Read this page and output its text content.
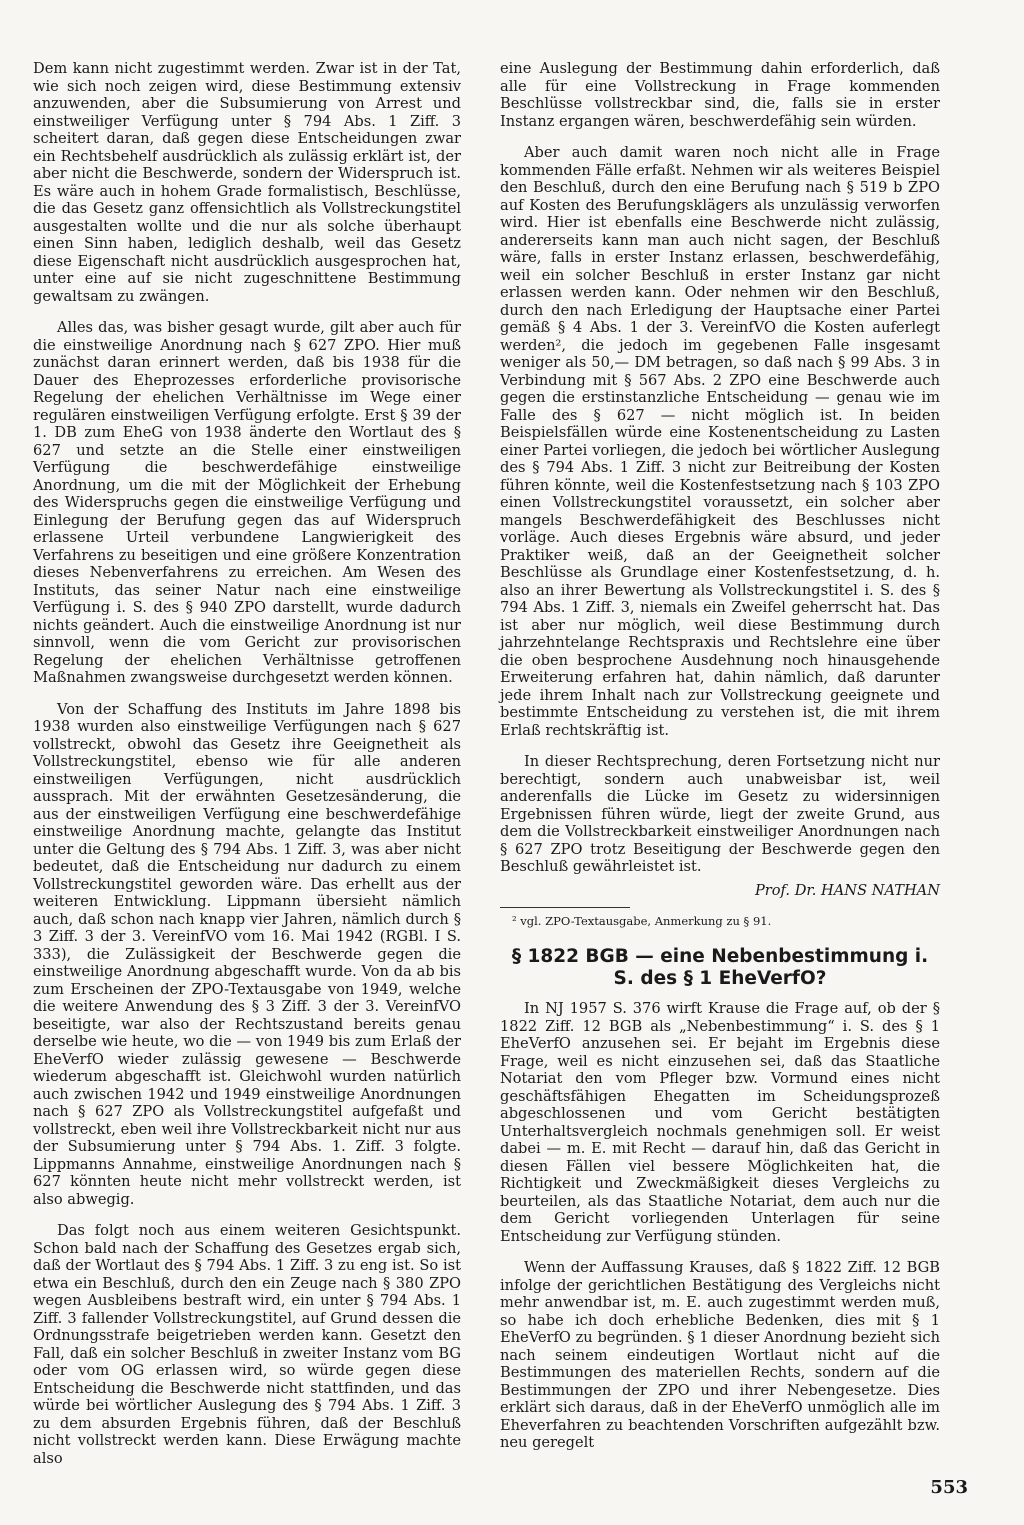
Dem kann nicht zugestimmt werden. Zwar ist in der Tat, wie sich noch zeigen wird, diese Bestimmung extensiv anzuwenden, aber die Subsumierung von Arrest und einstweiliger Verfügung unter § 794 Abs. 1 Ziff. 3 scheitert daran, daß gegen diese Entscheidungen zwar ein Rechtsbehelf ausdrücklich als zulässig erklärt ist, der aber nicht die Beschwerde, sondern der Widerspruch ist. Es wäre auch in hohem Grade formalistisch, Beschlüsse, die das Gesetz ganz offensichtlich als Vollstreckungstitel ausgestalten wollte und die nur als solche überhaupt einen Sinn haben, lediglich deshalb, weil das Gesetz diese Eigenschaft nicht ausdrücklich ausgesprochen hat, unter eine auf sie nicht zugeschnittene Bestimmung gewaltsam zu zwängen.

Alles das, was bisher gesagt wurde, gilt aber auch für die einstweilige Anordnung nach § 627 ZPO. Hier muß zunächst daran erinnert werden, daß bis 1938 für die Dauer des Eheprozesses erforderliche provisorische Regelung der ehelichen Verhältnisse im Wege einer regulären einstweiligen Verfügung erfolgte. Erst § 39 der 1. DB zum EheG von 1938 änderte den Wortlaut des § 627 und setzte an die Stelle einer einstweiligen Verfügung die beschwerdefähige einstweilige Anordnung, um die mit der Möglichkeit der Erhebung des Widerspruchs gegen die einstweilige Verfügung und Einlegung der Berufung gegen das auf Widerspruch erlassene Urteil verbundene Langwierigkeit des Verfahrens zu beseitigen und eine größere Konzentration dieses Nebenverfahrens zu erreichen. Am Wesen des Instituts, das seiner Natur nach eine einstweilige Verfügung i. S. des § 940 ZPO darstellt, wurde dadurch nichts geändert. Auch die einstweilige Anordnung ist nur sinnvoll, wenn die vom Gericht zur provisorischen Regelung der ehelichen Verhältnisse getroffenen Maßnahmen zwangsweise durchgesetzt werden können.

Von der Schaffung des Instituts im Jahre 1898 bis 1938 wurden also einstweilige Verfügungen nach § 627 vollstreckt, obwohl das Gesetz ihre Geeignetheit als Vollstreckungstitel, ebenso wie für alle anderen einstweiligen Verfügungen, nicht ausdrücklich aussprach. Mit der erwähnten Gesetzesänderung, die aus der einstweiligen Verfügung eine beschwerdefähige einstweilige Anordnung machte, gelangte das Institut unter die Geltung des § 794 Abs. 1 Ziff. 3, was aber nicht bedeutet, daß die Entscheidung nur dadurch zu einem Vollstreckungstitel geworden wäre. Das erhellt aus der weiteren Entwicklung. Lippmann übersieht nämlich auch, daß schon nach knapp vier Jahren, nämlich durch § 3 Ziff. 3 der 3. VereinfVO vom 16. Mai 1942 (RGBl. I S. 333), die Zulässigkeit der Beschwerde gegen die einstweilige Anordnung abgeschafft wurde. Von da ab bis zum Erscheinen der ZPO-Textausgabe von 1949, welche die weitere Anwendung des § 3 Ziff. 3 der 3. VereinfVO beseitigte, war also der Rechtszustand bereits genau derselbe wie heute, wo die — von 1949 bis zum Erlaß der EheVerfO wieder zulässig gewesene — Beschwerde wiederum abgeschafft ist. Gleichwohl wurden natürlich auch zwischen 1942 und 1949 einstweilige Anordnungen nach § 627 ZPO als Vollstreckungstitel aufgefaßt und vollstreckt, eben weil ihre Vollstreckbarkeit nicht nur aus der Subsumierung unter § 794 Abs. 1. Ziff. 3 folgte. Lippmanns Annahme, einstweilige Anordnungen nach § 627 könnten heute nicht mehr vollstreckt werden, ist also abwegig.

Das folgt noch aus einem weiteren Gesichtspunkt. Schon bald nach der Schaffung des Gesetzes ergab sich, daß der Wortlaut des § 794 Abs. 1 Ziff. 3 zu eng ist. So ist etwa ein Beschluß, durch den ein Zeuge nach § 380 ZPO wegen Ausbleibens bestraft wird, ein unter § 794 Abs. 1 Ziff. 3 fallender Vollstreckungstitel, auf Grund dessen die Ordnungsstrafe beigetrieben werden kann. Gesetzt den Fall, daß ein solcher Beschluß in zweiter Instanz vom BG oder vom OG erlassen wird, so würde gegen diese Entscheidung die Beschwerde nicht stattfinden, und das würde bei wörtlicher Auslegung des § 794 Abs. 1 Ziff. 3 zu dem absurden Ergebnis führen, daß der Beschluß nicht vollstreckt werden kann. Diese Erwägung machte also

eine Auslegung der Bestimmung dahin erforderlich, daß alle für eine Vollstreckung in Frage kommenden Beschlüsse vollstreckbar sind, die, falls sie in erster Instanz ergangen wären, beschwerdefähig sein würden.

Aber auch damit waren noch nicht alle in Frage kommenden Fälle erfaßt. Nehmen wir als weiteres Beispiel den Beschluß, durch den eine Berufung nach § 519 b ZPO auf Kosten des Berufungsklägers als unzulässig verworfen wird. Hier ist ebenfalls eine Beschwerde nicht zulässig, andererseits kann man auch nicht sagen, der Beschluß wäre, falls in erster Instanz erlassen, beschwerdefähig, weil ein solcher Beschluß in erster Instanz gar nicht erlassen werden kann. Oder nehmen wir den Beschluß, durch den nach Erledigung der Hauptsache einer Partei gemäß § 4 Abs. 1 der 3. VereinfVO die Kosten auferlegt werden², die jedoch im gegebenen Falle insgesamt weniger als 50,— DM betragen, so daß nach § 99 Abs. 3 in Verbindung mit § 567 Abs. 2 ZPO eine Beschwerde auch gegen die erstinstanzliche Entscheidung — genau wie im Falle des § 627 — nicht möglich ist. In beiden Beispielsfällen würde eine Kostenentscheidung zu Lasten einer Partei vorliegen, die jedoch bei wörtlicher Auslegung des § 794 Abs. 1 Ziff. 3 nicht zur Beitreibung der Kosten führen könnte, weil die Kostenfestsetzung nach § 103 ZPO einen Vollstreckungstitel voraussetzt, ein solcher aber mangels Beschwerdefähigkeit des Beschlusses nicht vorläge. Auch dieses Ergebnis wäre absurd, und jeder Praktiker weiß, daß an der Geeignetheit solcher Beschlüsse als Grundlage einer Kostenfestsetzung, d. h. also an ihrer Bewertung als Vollstreckungstitel i. S. des § 794 Abs. 1 Ziff. 3, niemals ein Zweifel geherrscht hat. Das ist aber nur möglich, weil diese Bestimmung durch jahrzehntelange Rechtspraxis und Rechtslehre eine über die oben besprochene Ausdehnung noch hinausgehende Erweiterung erfahren hat, dahin nämlich, daß darunter jede ihrem Inhalt nach zur Vollstreckung geeignete und bestimmte Entscheidung zu verstehen ist, die mit ihrem Erlaß rechtskräftig ist.

In dieser Rechtsprechung, deren Fortsetzung nicht nur berechtigt, sondern auch unabweisbar ist, weil anderenfalls die Lücke im Gesetz zu widersinnigen Ergebnissen führen würde, liegt der zweite Grund, aus dem die Vollstreckbarkeit einstweiliger Anordnungen nach § 627 ZPO trotz Beseitigung der Beschwerde gegen den Beschluß gewährleistet ist.

Prof. Dr. HANS NATHAN
² vgl. ZPO-Textausgabe, Anmerkung zu § 91.
§ 1822 BGB — eine Nebenbestimmung i. S. des § 1 EheVerfO?

In NJ 1957 S. 376 wirft Krause die Frage auf, ob der § 1822 Ziff. 12 BGB als „Nebenbestimmung“ i. S. des § 1 EheVerfO anzusehen sei. Er bejaht im Ergebnis diese Frage, weil es nicht einzusehen sei, daß das Staatliche Notariat den vom Pfleger bzw. Vormund eines nicht geschäftsfähigen Ehegatten im Scheidungsprozeß abgeschlossenen und vom Gericht bestätigten Unterhaltsvergleich nochmals genehmigen soll. Er weist dabei — m. E. mit Recht — darauf hin, daß das Gericht in diesen Fällen viel bessere Möglichkeiten hat, die Richtigkeit und Zweckmäßigkeit dieses Vergleichs zu beurteilen, als das Staatliche Notariat, dem auch nur die dem Gericht vorliegenden Unterlagen für seine Entscheidung zur Verfügung stünden.

Wenn der Auffassung Krauses, daß § 1822 Ziff. 12 BGB infolge der gerichtlichen Bestätigung des Vergleichs nicht mehr anwendbar ist, m. E. auch zugestimmt werden muß, so habe ich doch erhebliche Bedenken, dies mit § 1 EheVerfO zu begründen. § 1 dieser Anordnung bezieht sich nach seinem eindeutigen Wortlaut nicht auf die Bestimmungen des materiellen Rechts, sondern auf die Bestimmungen der ZPO und ihrer Nebengesetze. Dies erklärt sich daraus, daß in der EheVerfO unmöglich alle im Eheverfahren zu beachtenden Vorschriften aufgezählt bzw. neu geregelt

553
